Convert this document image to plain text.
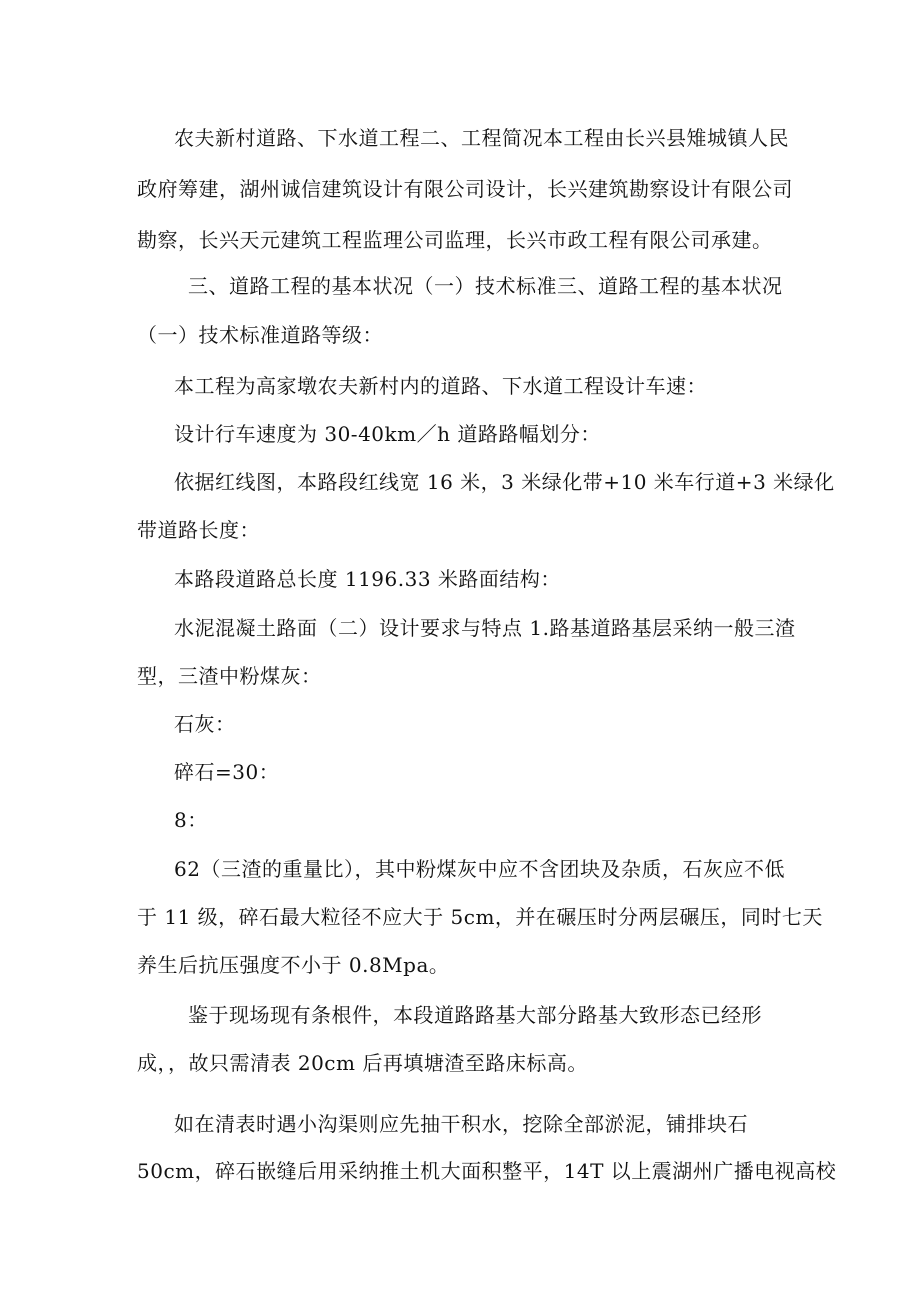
农夫新村道路、下水道工程二、工程简况本工程由长兴县雉城镇人民
政府筹建，湖州诚信建筑设计有限公司设计，长兴建筑勘察设计有限公司
勘察，长兴天元建筑工程监理公司监理，长兴市政工程有限公司承建。
三、道路工程的基本状况（一）技术标准三、道路工程的基本状况
（一）技术标准道路等级：
本工程为高家墩农夫新村内的道路、下水道工程设计车速：
设计行车速度为 30-40km／h 道路路幅划分：
依据红线图，本路段红线宽 16 米，3 米绿化带+10 米车行道+3 米绿化
带道路长度：
本路段道路总长度 1196.33 米路面结构：
水泥混凝土路面（二）设计要求与特点 1.路基道路基层采纳一般三渣
型，三渣中粉煤灰：
石灰：
碎石=30：
8：
62（三渣的重量比），其中粉煤灰中应不含团块及杂质，石灰应不低
于 11 级，碎石最大粒径不应大于 5cm，并在碾压时分两层碾压，同时七天
养生后抗压强度不小于 0.8Mpa。
鉴于现场现有条根件，本段道路路基大部分路基大致形态已经形
成，，故只需清表 20cm 后再填塘渣至路床标高。
如在清表时遇小沟渠则应先抽干积水，挖除全部淤泥，铺排块石
50cm，碎石嵌缝后用采纳推土机大面积整平，14T 以上震湖州广播电视高校
